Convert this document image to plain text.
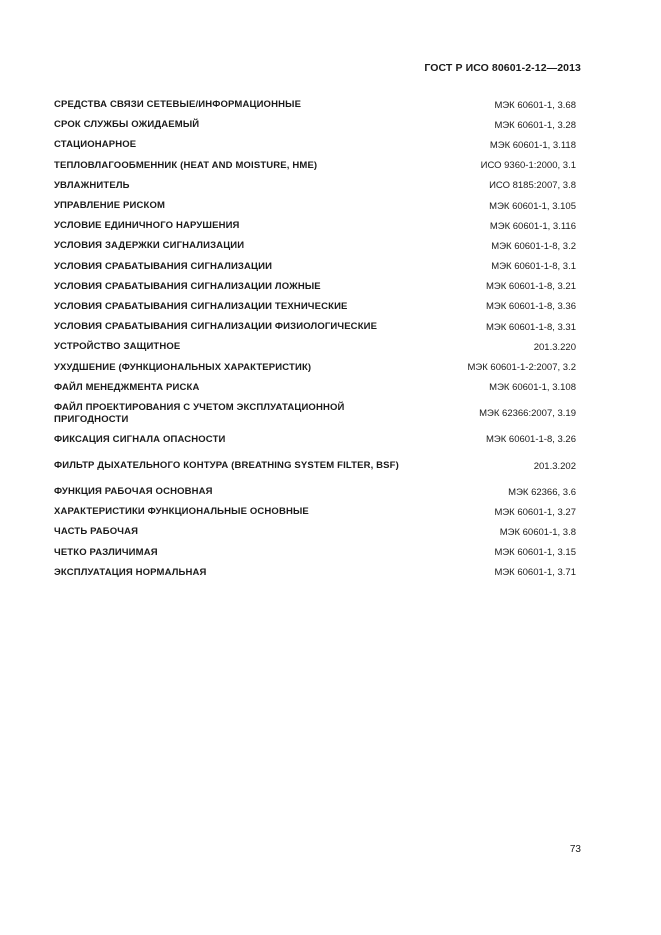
ГОСТ Р ИСО 80601-2-12—2013
СРЕДСТВА СВЯЗИ СЕТЕВЫЕ/ИНФОРМАЦИОННЫЕ	МЭК 60601-1, 3.68
СРОК СЛУЖБЫ ОЖИДАЕМЫЙ	МЭК 60601-1, 3.28
СТАЦИОНАРНОЕ	МЭК 60601-1, 3.118
ТЕПЛОВЛАГООБМЕННИК (HEAT AND MOISTURE, HME)	ИСО 9360-1:2000, 3.1
УВЛАЖНИТЕЛЬ	ИСО 8185:2007, 3.8
УПРАВЛЕНИЕ РИСКОМ	МЭК 60601-1, 3.105
УСЛОВИЕ ЕДИНИЧНОГО НАРУШЕНИЯ	МЭК 60601-1, 3.116
УСЛОВИЯ ЗАДЕРЖКИ СИГНАЛИЗАЦИИ	МЭК 60601-1-8, 3.2
УСЛОВИЯ СРАБАТЫВАНИЯ СИГНАЛИЗАЦИИ	МЭК 60601-1-8, 3.1
УСЛОВИЯ СРАБАТЫВАНИЯ СИГНАЛИЗАЦИИ ЛОЖНЫЕ	МЭК 60601-1-8, 3.21
УСЛОВИЯ СРАБАТЫВАНИЯ СИГНАЛИЗАЦИИ ТЕХНИЧЕСКИЕ	МЭК 60601-1-8, 3.36
УСЛОВИЯ СРАБАТЫВАНИЯ СИГНАЛИЗАЦИИ ФИЗИОЛОГИЧЕСКИЕ	МЭК 60601-1-8, 3.31
УСТРОЙСТВО ЗАЩИТНОЕ	201.3.220
УХУДШЕНИЕ (ФУНКЦИОНАЛЬНЫХ ХАРАКТЕРИСТИК)	МЭК 60601-1-2:2007, 3.2
ФАЙЛ МЕНЕДЖМЕНТА РИСКА	МЭК 60601-1, 3.108
ФАЙЛ ПРОЕКТИРОВАНИЯ С УЧЕТОМ ЭКСПЛУАТАЦИОННОЙ ПРИГОДНОСТИ	МЭК 62366:2007, 3.19
ФИКСАЦИЯ СИГНАЛА ОПАСНОСТИ	МЭК 60601-1-8, 3.26
ФИЛЬТР ДЫХАТЕЛЬНОГО КОНТУРА (BREATHING SYSTEM FILTER, BSF)	201.3.202
ФУНКЦИЯ РАБОЧАЯ ОСНОВНАЯ	МЭК 62366, 3.6
ХАРАКТЕРИСТИКИ ФУНКЦИОНАЛЬНЫЕ ОСНОВНЫЕ	МЭК 60601-1, 3.27
ЧАСТЬ РАБОЧАЯ	МЭК 60601-1, 3.8
ЧЕТКО РАЗЛИЧИМАЯ	МЭК 60601-1, 3.15
ЭКСПЛУАТАЦИЯ НОРМАЛЬНАЯ	МЭК 60601-1, 3.71
73
